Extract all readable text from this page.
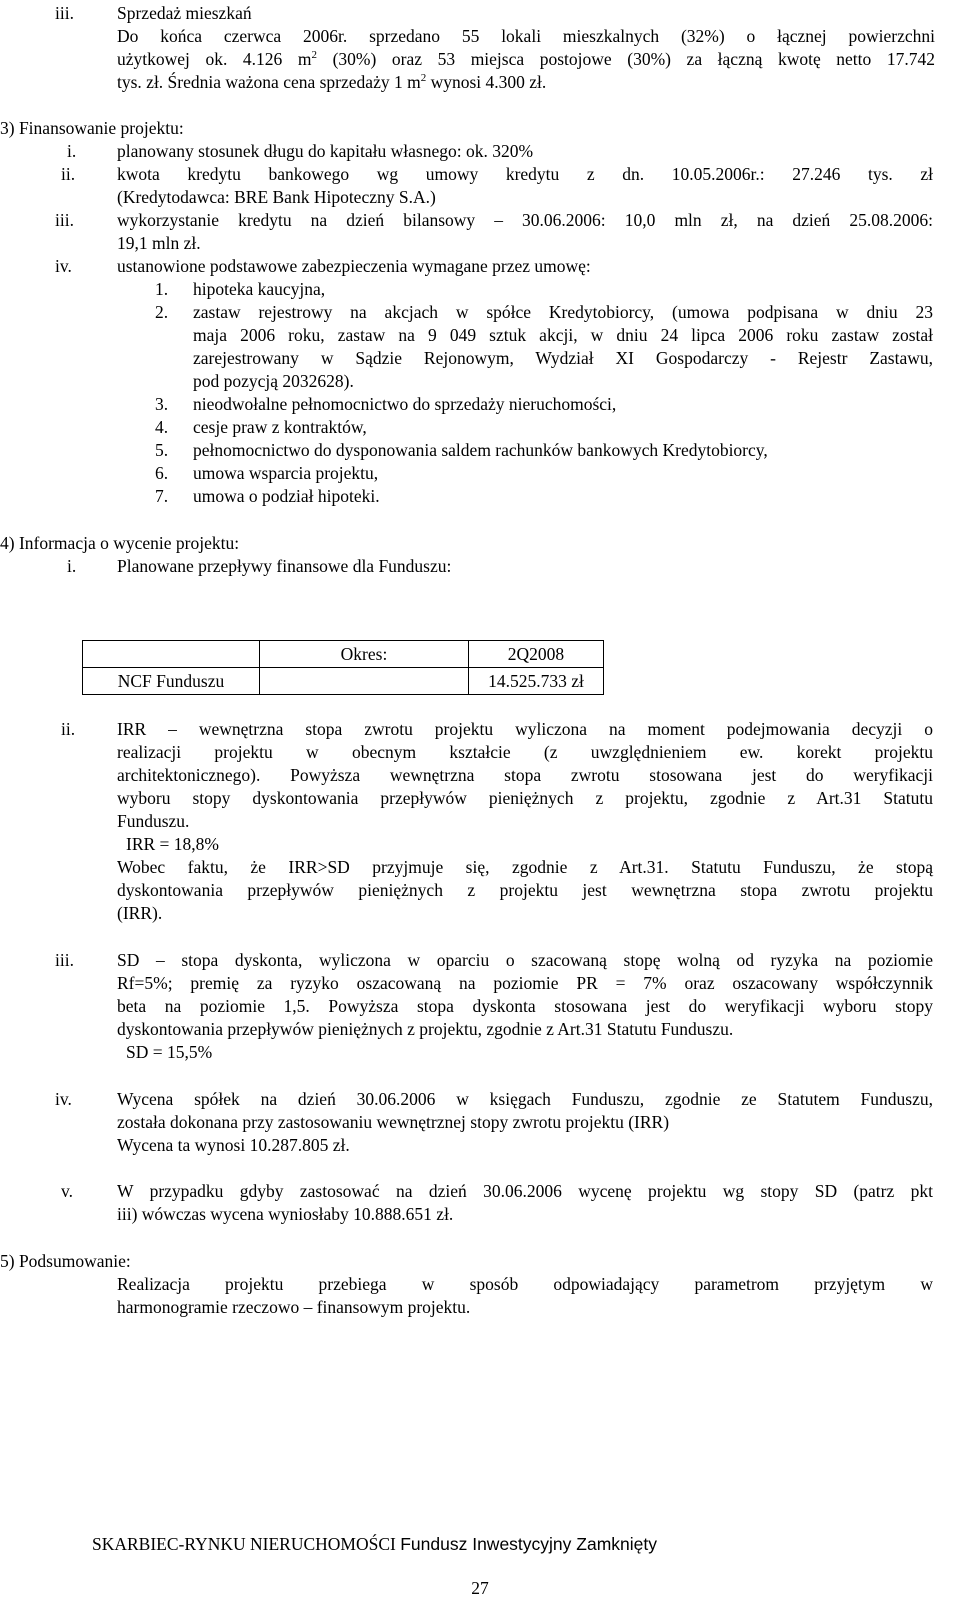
iii. Sprzedaż mieszkań
Do końca czerwca 2006r. sprzedano 55 lokali mieszkalnych (32%) o łącznej powierzchni
użytkowej ok. 4.126 $m^2$ (30%) oraz 53 miejsca postojowe (30%) za łączną kwotę netto 17.742
tys. zł. Średnia ważona cena sprzedaży 1 $m^2$ wynosi 4.300 zł.
3) Finansowanie projektu:
i. planowany stosunek długu do kapitału własnego: ok. 320%
ii. kwota kredytu bankowego wg umowy kredytu z dn. 10.05.2006r.: 27.246 tys. zł
(Kredytodawca: BRE Bank Hipoteczny S.A.)
iii. wykorzystanie kredytu na dzień bilansowy – 30.06.2006: 10,0 mln zł, na dzień 25.08.2006:
19,1 mln zł.
iv.	ustanowione podstawowe zabezpieczenia wymagane przez umowę:
1. hipoteka kaucyjna,
2. zastaw rejestrowy na akcjach w spółce Kredytobiorcy, (umowa podpisana w dniu 23
maja 2006 roku, zastaw na 9 049 sztuk akcji, w dniu 24 lipca 2006 roku zastaw został
zarejestrowany w Sądzie Rejonowym, Wydział XI Gospodarczy - Rejestr Zastawu,
pod pozycją 2032628).
3. nieodwołalne pełnomocnictwo do sprzedaży nieruchomości,
4. cesje praw z kontraktów,
5. pełnomocnictwo do dysponowania saldem rachunków bankowych Kredytobiorcy,
6. umowa wsparcia projektu,
7. umowa o podział hipoteki.
4) Informacja o wycenie projektu:
i. Planowane przepływy finansowe dla Funduszu:
	Okres:	2Q2008
NCF Funduszu		14.525.733 zł
ii. IRR – wewnętrzna stopa zwrotu projektu wyliczona na moment podejmowania decyzji o
realizacji projektu w obecnym kształcie (z uwzględnieniem ew. korekt projektu
architektonicznego). Powyższa wewnętrzna stopa zwrotu stosowana jest do weryfikacji
wyboru stopy dyskontowania przepływów pieniężnych z projektu, zgodnie z Art.31 Statutu
Funduszu.
IRR = 18,8%
Wobec faktu, że IRR>SD przyjmuje się, zgodnie z Art.31. Statutu Funduszu, że stopą
dyskontowania przepływów pieniężnych z projektu jest wewnętrzna stopa zwrotu projektu
(IRR).
iii. SD – stopa dyskonta, wyliczona w oparciu o szacowaną stopę wolną od ryzyka na poziomie
Rf=5%; premię za ryzyko oszacowaną na poziomie PR = 7% oraz oszacowany współczynnik
beta na poziomie 1,5. Powyższa stopa dyskonta stosowana jest do weryfikacji wyboru stopy
dyskontowania przepływów pieniężnych z projektu, zgodnie z Art.31 Statutu Funduszu.
SD = 15,5%
iv.	Wycena spółek na dzień 30.06.2006 w księgach Funduszu, zgodnie ze Statutem Funduszu,
została dokonana przy zastosowaniu wewnętrznej stopy zwrotu projektu (IRR)
Wycena ta wynosi 10.287.805 zł.
v.	W przypadku gdyby zastosować na dzień 30.06.2006 wycenę projektu wg stopy SD (patrz pkt
iii) wówczas wycena wyniosłaby 10.888.651 zł.
5) Podsumowanie:
Realizacja projektu przebiega w sposób odpowiadający parametrom przyjętym w
harmonogramie rzeczowo – finansowym projektu.
SKARBIEC-RYNKU NIERUCHOMOŚCI Fundusz Inwestycyjny Zamknięty
27
